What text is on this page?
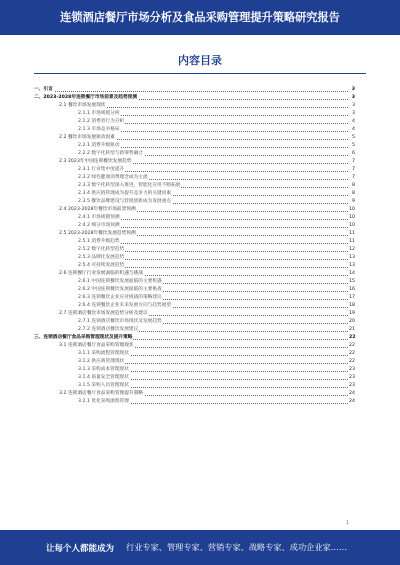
连锁酒店餐厅市场分析及食品采购管理提升策略研究报告
内容目录
一、引言	3
二、2023-2028年连锁餐厅市场前景及趋势预测	3
2.1 餐饮市场发展现状	3
2.1.1 市场规模分析	3
2.1.2 消费者行为分析	4
2.1.3 市场竞争格局	4
2.2 餐饮市场发展驱动因素	5
2.2.1 消费升级驱动	5
2.2.2 数字化转型与新零售融合	6
2.3 2023年中国连锁餐饮发展趋势	7
2.3.1 行业集中度提升	7
2.3.2 绿色健康消费理念成为主流	7
2.3.3 数字化转型深入推进，智能化应用不断拓展	8
2.3.4 供应链管理成为提升竞争力的关键因素	8
2.3.5 餐饮品牌建设与营销创新成为发展重点	9
2.4 2023-2028年餐饮市场前景预测	10
2.4.1 市场规模预测	10
2.4.2 细分市场预测	10
2.5 2023-2028年餐饮发展趋势预测	11
2.5.1 消费升级趋势	11
2.5.2 数字化转型趋势	12
2.5.3 品牌化发展趋势	13
2.5.4 可持续发展趋势	13
2.6 连锁餐厅行业发展面临的机遇与挑战	14
2.6.1 中国连锁餐饮发展面临的主要机遇	15
2.6.2 中国连锁餐饮发展面临的主要挑战	16
2.6.3 连锁餐饮企业应对挑战的策略建议	17
2.6.4 连锁餐饮企业未来发展方向与趋势展望	18
2.7 连锁酒店餐饮市场发展趋势分析及建议	19
2.7.1 连锁酒店餐饮市场现状及发展趋势	20
2.7.2 连锁酒店餐饮发展建议	21
三、连锁酒店餐厅食品采购管理现状及提升策略	22
3.1 连锁酒店餐厅食品采购管理现状	22
3.1.1 采购流程管理现状	22
3.1.2 供应商管理现状	22
3.1.3 采购成本管理现状	23
3.1.4 质量安全管理现状	23
3.1.5 采购人员管理现状	23
3.2 连锁酒店餐厅食品采购管理提升策略	24
3.2.1 优化采购流程管理	24
1
让每个人都能成为 行业专家、管理专家、营销专家、战略专家、成功企业家……
